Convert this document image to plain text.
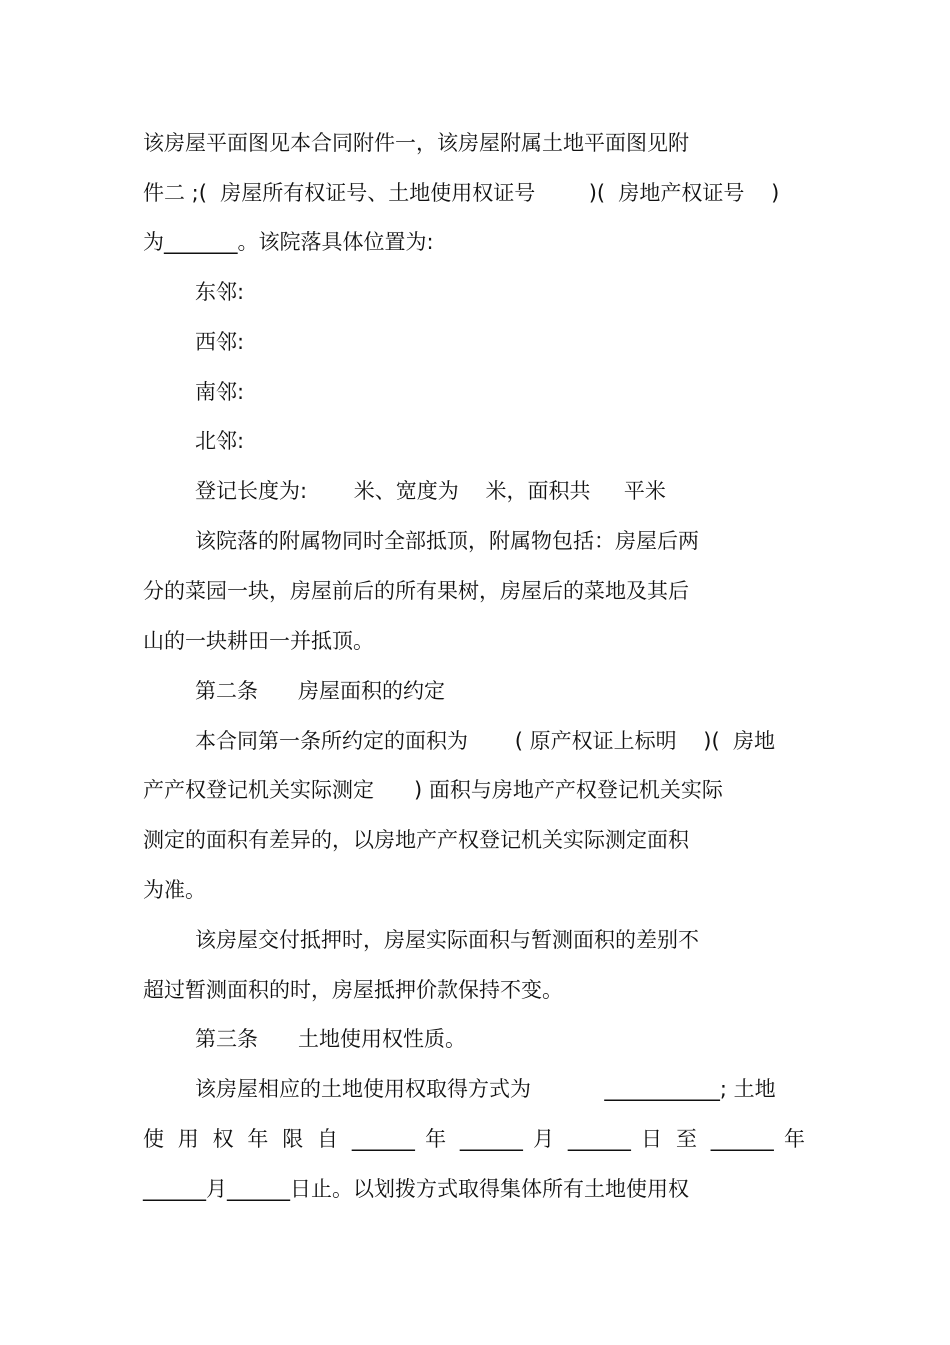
该房屋平面图见本合同附件一，该房屋附属土地平面图见附
件二 ;(  房屋所有权证号、土地使用权证号        )(  房地产权证号    )
为_______。该院落具体位置为:
东邻:
西邻:
南邻:
北邻:
登记长度为:       米、宽度为    米，面积共     平米
该院落的附属物同时全部抵顶，附属物包括：房屋后两
分的菜园一块，房屋前后的所有果树，房屋后的菜地及其后
山的一块耕田一并抵顶。
第二条      房屋面积的约定
本合同第一条所约定的面积为       ( 原产权证上标明    )(  房地
产产权登记机关实际测定      ) 面积与房地产产权登记机关实际
测定的面积有差异的，以房地产产权登记机关实际测定面积
为准。
该房屋交付抵押时，房屋实际面积与暂测面积的差别不
超过暂测面积的时，房屋抵押价款保持不变。
第三条      土地使用权性质。
该房屋相应的土地使用权取得方式为           ___________; 土地
使 用 权 年 限 自 ______ 年 ______ 月 ______ 日 至 ______ 年
______月______日止。以划拨方式取得集体所有土地使用权
